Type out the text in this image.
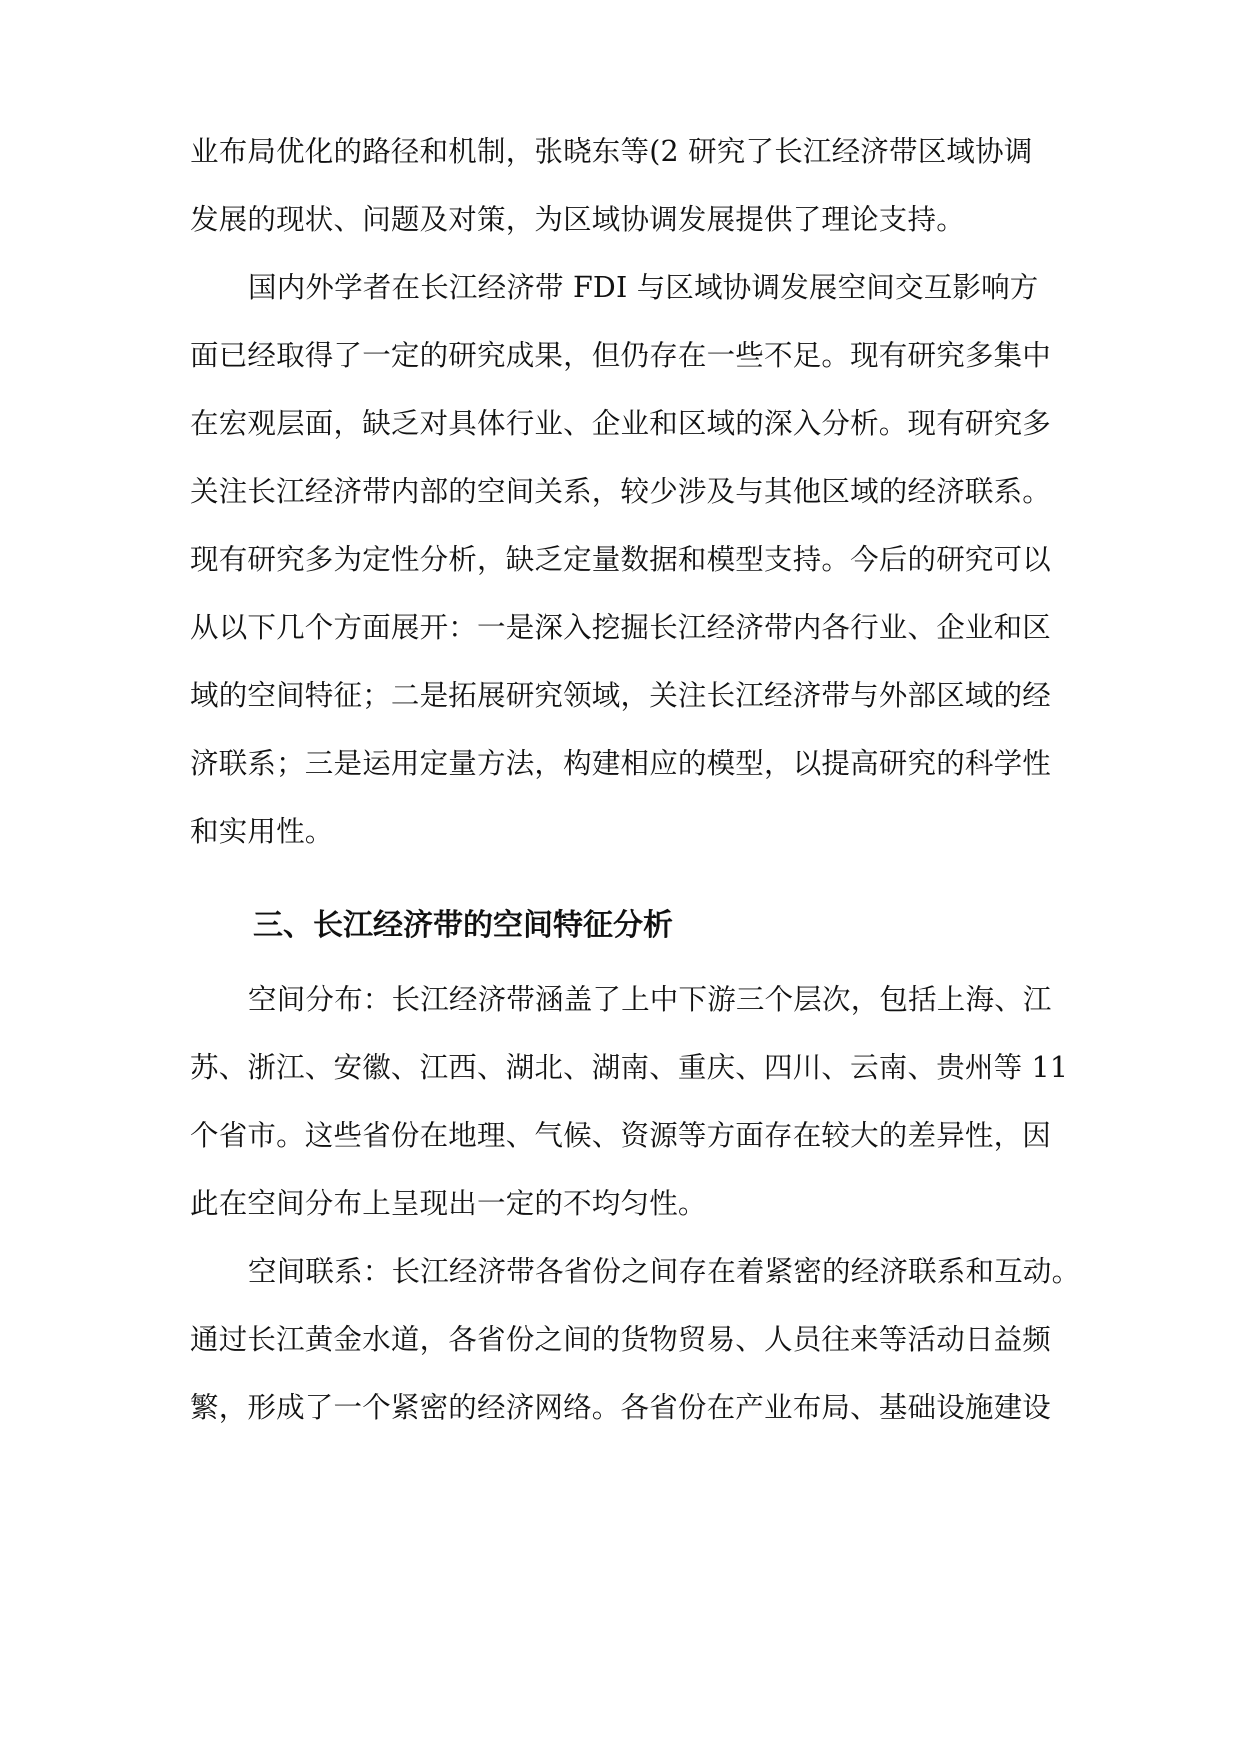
业布局优化的路径和机制，张晓东等(2 研究了长江经济带区域协调
发展的现状、问题及对策，为区域协调发展提供了理论支持。
国内外学者在长江经济带 FDI 与区域协调发展空间交互影响方
面已经取得了一定的研究成果，但仍存在一些不足。现有研究多集中
在宏观层面，缺乏对具体行业、企业和区域的深入分析。现有研究多
关注长江经济带内部的空间关系，较少涉及与其他区域的经济联系。
现有研究多为定性分析，缺乏定量数据和模型支持。今后的研究可以
从以下几个方面展开：一是深入挖掘长江经济带内各行业、企业和区
域的空间特征；二是拓展研究领域，关注长江经济带与外部区域的经
济联系；三是运用定量方法，构建相应的模型，以提高研究的科学性
和实用性。
三、长江经济带的空间特征分析
空间分布：长江经济带涵盖了上中下游三个层次，包括上海、江
苏、浙江、安徽、江西、湖北、湖南、重庆、四川、云南、贵州等 11
个省市。这些省份在地理、气候、资源等方面存在较大的差异性，因
此在空间分布上呈现出一定的不均匀性。
空间联系：长江经济带各省份之间存在着紧密的经济联系和互动。
通过长江黄金水道，各省份之间的货物贸易、人员往来等活动日益频
繁，形成了一个紧密的经济网络。各省份在产业布局、基础设施建设
